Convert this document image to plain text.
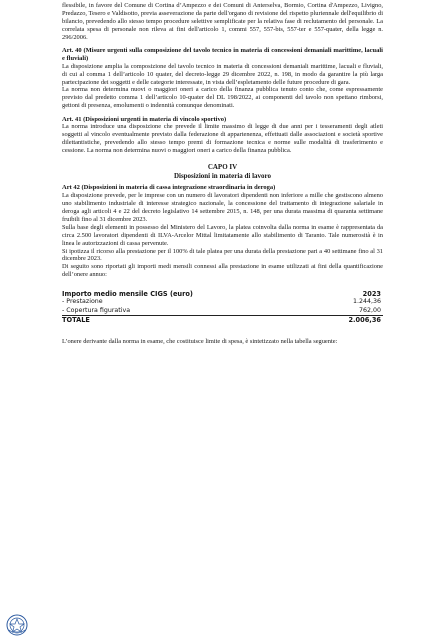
flessibile, in favore del Comune di Cortina d’Ampezzo e dei Comuni di Anterselva, Bormio, Cortina d'Ampezzo, Livigno, Predazzo, Tesero e Valdisotto, previa asseverazione da parte dell'organo di revisione del rispetto pluriennale dell'equilibrio di bilancio, prevedendo allo stesso tempo procedure selettive semplificate per la relativa fase di reclutamento del personale. La correlata spesa di personale non rileva ai fini dell'articolo 1, commi 557, 557-bis, 557-ter e 557-quater, della legge n. 296/2006.

Art. 40 (Misure urgenti sulla composizione del tavolo tecnico in materia di concessioni demaniali marittime, lacuali e fluviali)

La disposizione amplia la composizione del tavolo tecnico in materia di concessioni demaniali marittime, lacuali e fluviali, di cui al comma 1 dell’articolo 10 quater, del decreto-legge 29 dicembre 2022, n. 198, in modo da garantire la più larga partecipazione dei soggetti e delle categorie interessate, in vista dell’espletamento delle future procedure di gara.

La norma non determina nuovi o maggiori oneri a carico della finanza pubblica tenuto conto che, come espressamente previsto dal predetto comma 1 dell’articolo 10-quater del DL 198/2022, ai componenti del tavolo non spettano rimborsi, gettoni di presenza, emolumenti o indennità comunque denominati.

Art. 41 (Disposizioni urgenti in materia di vincolo sportivo)

La norma introduce una disposizione che prevede il limite massimo di legge di due anni per i tesseramenti degli atleti soggetti al vincolo eventualmente previsto dalla federazione di appartenenza, effettuati dalle associazioni e società sportive dilettantistiche, prevedendo allo stesso tempo premi di formazione tecnica e norme sulle modalità di trasferimento e cessione. La norma non determina nuovi o maggiori oneri a carico della finanza pubblica.

CAPO IV

Disposizioni in materia di lavoro

Art 42 (Disposizioni in materia di cassa integrazione straordinaria in deroga)

La disposizione prevede, per le imprese con un numero di lavoratori dipendenti non inferiore a mille che gestiscono almeno uno stabilimento industriale di interesse strategico nazionale, la concessione del trattamento di integrazione salariale in deroga agli articoli 4 e 22 del decreto legislativo 14 settembre 2015, n. 148, per una durata massima di quaranta settimane fruibili fino al 31 dicembre 2023.

Sulla base degli elementi in possesso del Ministero del Lavoro, la platea coinvolta dalla norma in esame è rappresentata da circa 2.500 lavoratori dipendenti di ILVA-Arcelor Mittal limitatamente allo stabilimento di Taranto. Tale numerosità è in linea le autorizzazioni di cassa pervenute.

Si ipotizza il ricorso alla prestazione per il 100% di tale platea per una durata della prestazione pari a 40 settimane fino al 31 dicembre 2023.

Di seguito sono riportati gli importi medi mensili connessi alla prestazione in esame utilizzati ai fini della quantificazione dell’onere annuo:

Importo medio mensile CIGS (euro)	2023
- Prestazione	1.244,36
- Copertura figurativa	762,00
TOTALE	2.006,36

L’onere derivante dalla norma in esame, che costituisce limite di spesa, è sintetizzato nella tabella seguente:
